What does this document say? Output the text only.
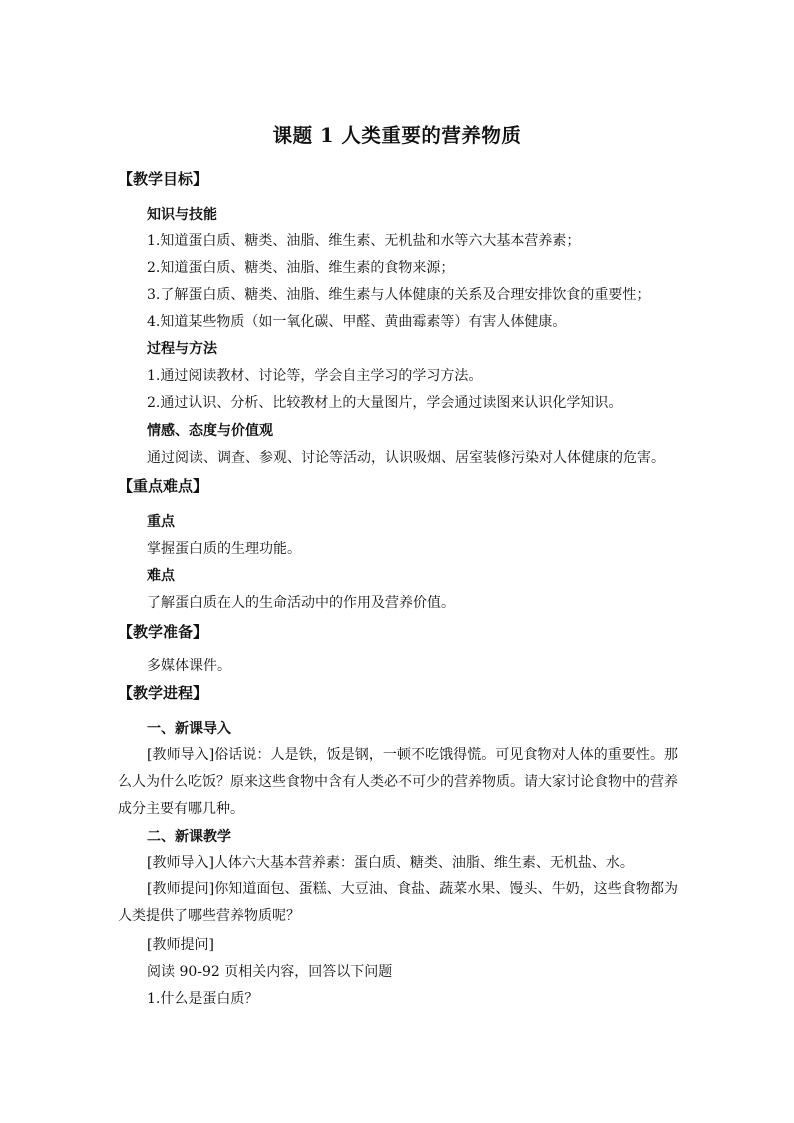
课题 1 人类重要的营养物质
【教学目标】
知识与技能
1.知道蛋白质、糖类、油脂、维生素、无机盐和水等六大基本营养素；
2.知道蛋白质、糖类、油脂、维生素的食物来源；
3.了解蛋白质、糖类、油脂、维生素与人体健康的关系及合理安排饮食的重要性；
4.知道某些物质（如一氧化碳、甲醛、黄曲霉素等）有害人体健康。
过程与方法
1.通过阅读教材、讨论等，学会自主学习的学习方法。
2.通过认识、分析、比较教材上的大量图片，学会通过读图来认识化学知识。
情感、态度与价值观
通过阅读、调查、参观、讨论等活动，认识吸烟、居室装修污染对人体健康的危害。
【重点难点】
重点
掌握蛋白质的生理功能。
难点
了解蛋白质在人的生命活动中的作用及营养价值。
【教学准备】
多媒体课件。
【教学进程】
一、新课导入
[教师导入]俗话说：人是铁，饭是钢，一顿不吃饿得慌。可见食物对人体的重要性。那么人为什么吃饭？原来这些食物中含有人类必不可少的营养物质。请大家讨论食物中的营养成分主要有哪几种。
二、新课教学
[教师导入]人体六大基本营养素：蛋白质、糖类、油脂、维生素、无机盐、水。
[教师提问]你知道面包、蛋糕、大豆油、食盐、蔬菜水果、馒头、牛奶，这些食物都为人类提供了哪些营养物质呢？
[教师提问]
阅读 90-92 页相关内容，回答以下问题
1.什么是蛋白质？
